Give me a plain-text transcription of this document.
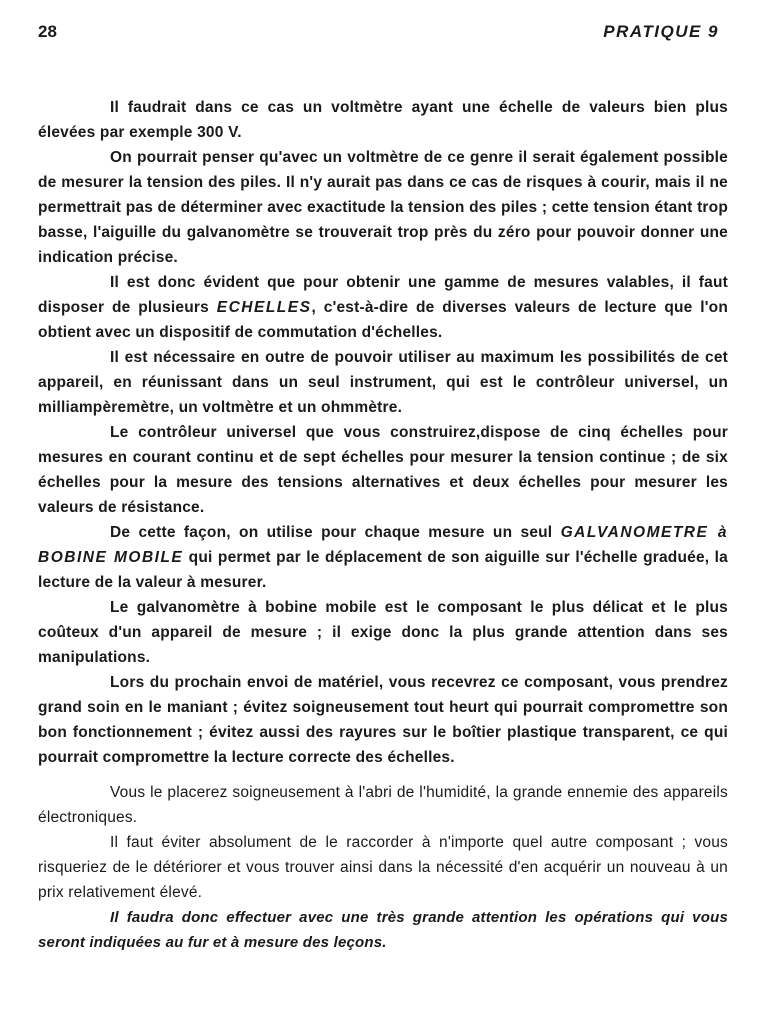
28	PRATIQUE 9

Il faudrait dans ce cas un voltmètre ayant une échelle de valeurs bien plus élevées par exemple 300 V.

On pourrait penser qu'avec un voltmètre de ce genre il serait également possible de mesurer la tension des piles. Il n'y aurait pas dans ce cas de risques à courir, mais il ne permettrait pas de déterminer avec exactitude la tension des piles ; cette tension étant trop basse, l'aiguille du galvanomètre se trouverait trop près du zéro pour pouvoir donner une indication précise.

Il est donc évident que pour obtenir une gamme de mesures valables, il faut disposer de plusieurs ECHELLES, c'est-à-dire de diverses valeurs de lecture que l'on obtient avec un dispositif de commutation d'échelles.

Il est nécessaire en outre de pouvoir utiliser au maximum les possibilités de cet appareil, en réunissant dans un seul instrument, qui est le contrôleur universel, un milliampèremètre, un voltmètre et un ohmmètre.

Le contrôleur universel que vous construirez,dispose de cinq échelles pour mesures en courant continu et de sept échelles pour mesurer la tension continue ; de six échelles pour la mesure des tensions alternatives et deux échelles pour mesurer les valeurs de résistance.

De cette façon, on utilise pour chaque mesure un seul GALVANOMETRE à BOBINE MOBILE qui permet par le déplacement de son aiguille sur l'échelle graduée, la lecture de la valeur à mesurer.

Le galvanomètre à bobine mobile est le composant le plus délicat et le plus coûteux d'un appareil de mesure ; il exige donc la plus grande attention dans ses manipulations.

Lors du prochain envoi de matériel, vous recevrez ce composant, vous prendrez grand soin en le maniant ; évitez soigneusement tout heurt qui pourrait compromettre son bon fonctionnement ; évitez aussi des rayures sur le boîtier plastique transparent, ce qui pourrait compromettre la lecture correcte des échelles.

Vous le placerez soigneusement à l'abri de l'humidité, la grande ennemie des appareils électroniques.

Il faut éviter absolument de le raccorder à n'importe quel autre composant ; vous risqueriez de le détériorer et vous trouver ainsi dans la nécessité d'en acquérir un nouveau à un prix relativement élevé.

Il faudra donc effectuer avec une très grande attention les opérations qui vous seront indiquées au fur et à mesure des leçons.
